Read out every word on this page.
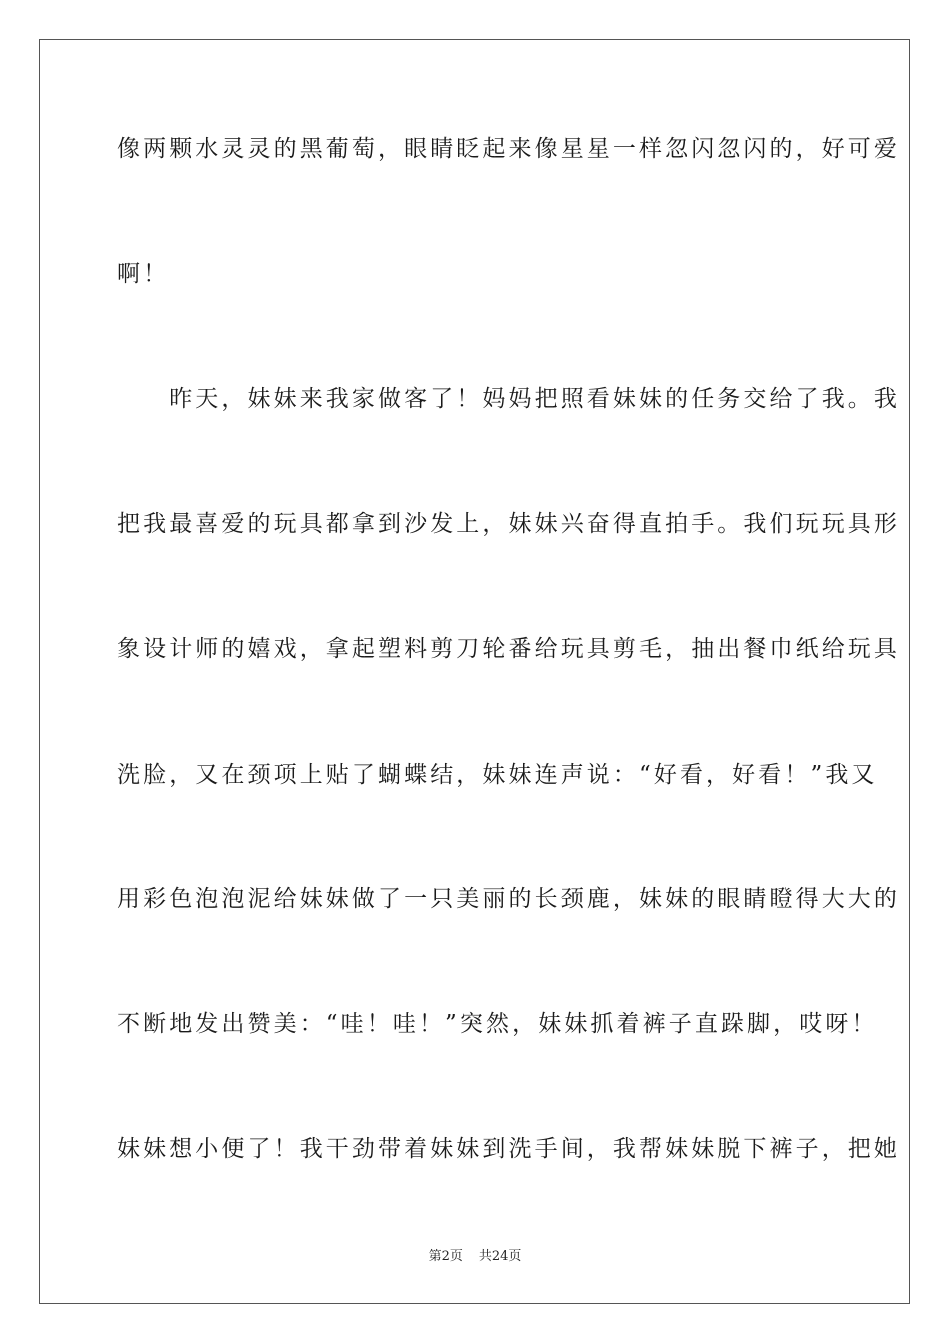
像两颗水灵灵的黑葡萄，眼睛眨起来像星星一样忽闪忽闪的，好可爱
啊！
　　昨天，妹妹来我家做客了！妈妈把照看妹妹的任务交给了我。我
把我最喜爱的玩具都拿到沙发上，妹妹兴奋得直拍手。我们玩玩具形
象设计师的嬉戏，拿起塑料剪刀轮番给玩具剪毛，抽出餐巾纸给玩具
洗脸，又在颈项上贴了蝴蝶结，妹妹连声说：“好看，好看！”我又
用彩色泡泡泥给妹妹做了一只美丽的长颈鹿，妹妹的眼睛瞪得大大的
不断地发出赞美：“哇！哇！”突然，妹妹抓着裤子直跺脚，哎呀！
妹妹想小便了！我干劲带着妹妹到洗手间，我帮妹妹脱下裤子，把她
第2页 共24页
